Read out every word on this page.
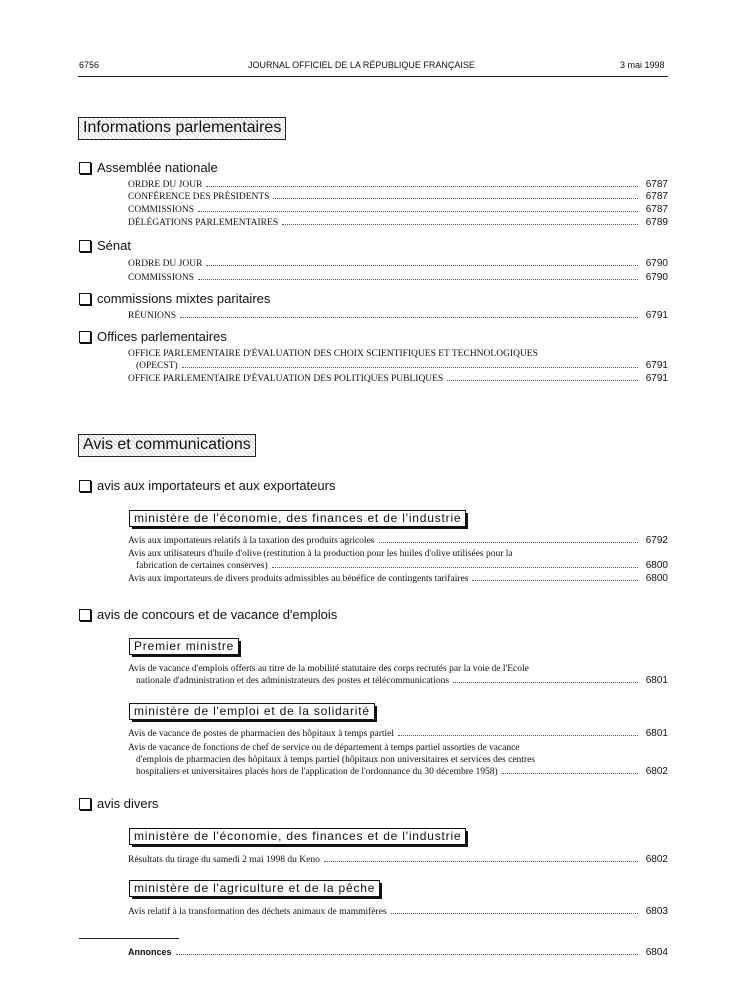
6756	JOURNAL OFFICIEL DE LA RÉPUBLIQUE FRANÇAISE	3 mai 1998
Informations parlementaires
Assemblée nationale
ORDRE DU JOUR	6787
CONFÉRENCE DES PRÉSIDENTS	6787
COMMISSIONS	6787
DÉLÉGATIONS PARLEMENTAIRES	6789
Sénat
ORDRE DU JOUR	6790
COMMISSIONS	6790
commissions mixtes paritaires
RÉUNIONS	6791
Offices parlementaires
OFFICE PARLEMENTAIRE D'ÉVALUATION DES CHOIX SCIENTIFIQUES ET TECHNOLOGIQUES
(OPECST)	6791
OFFICE PARLEMENTAIRE D'ÉVALUATION DES POLITIQUES PUBLIQUES	6791
Avis et communications
avis aux importateurs et aux exportateurs
ministère de l'économie, des finances et de l'industrie
Avis aux importateurs relatifs à la taxation des produits agricoles	6792
Avis aux utilisateurs d'huile d'olive (restitution à la production pour les huiles d'olive utilisées pour la
fabrication de certaines conserves)	6800
Avis aux importateurs de divers produits admissibles au bénéfice de contingents tarifaires	6800
avis de concours et de vacance d'emplois
Premier ministre
Avis de vacance d'emplois offerts au titre de la mobilité statutaire des corps recrutés par la voie de l'Ecole
nationale d'administration et des administrateurs des postes et télécommunications	6801
ministère de l'emploi et de la solidarité
Avis de vacance de postes de pharmacien des hôpitaux à temps partiel	6801
Avis de vacance de fonctions de chef de service ou de département à temps partiel assorties de vacance
d'emplois de pharmacien des hôpitaux à temps partiel (hôpitaux non universitaires et services des centres
hospitaliers et universitaires placés hors de l'application de l'ordonnance du 30 décembre 1958)	6802
avis divers
ministère de l'économie, des finances et de l'industrie
Résultats du tirage du samedi 2 mai 1998 du Keno	6802
ministère de l'agriculture et de la pêche
Avis relatif à la transformation des déchets animaux de mammifères	6803
Annonces	6804
